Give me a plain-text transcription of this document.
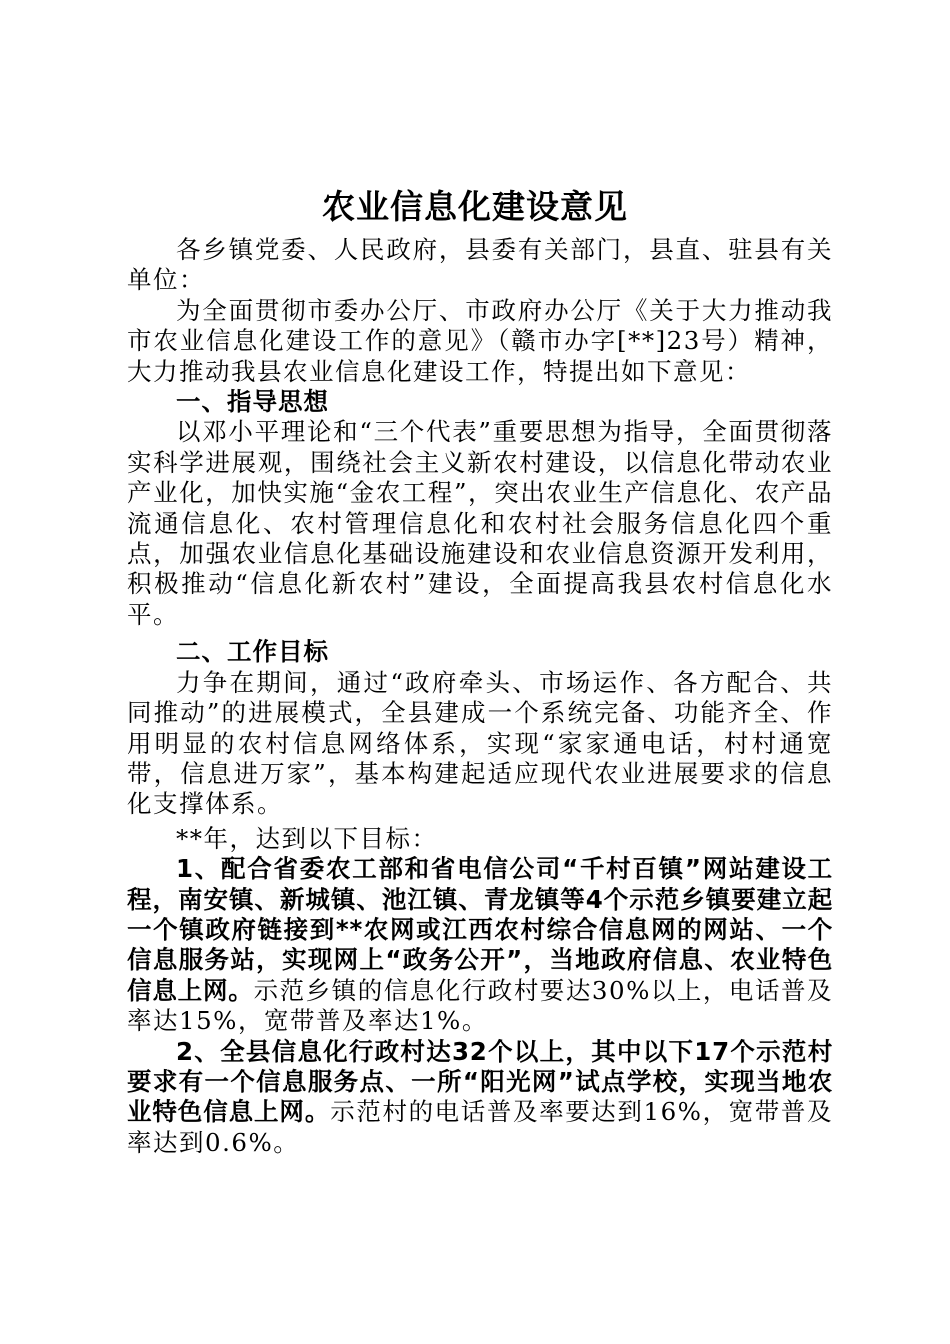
农业信息化建设意见

各乡镇党委、人民政府，县委有关部门，县直、驻县有关单位：

为全面贯彻市委办公厅、市政府办公厅《关于大力推动我市农业信息化建设工作的意见》（赣市办字[**]23号）精神，大力推动我县农业信息化建设工作，特提出如下意见：

一、指导思想

以邓小平理论和“三个代表”重要思想为指导，全面贯彻落实科学进展观，围绕社会主义新农村建设，以信息化带动农业产业化，加快实施“金农工程”，突出农业生产信息化、农产品流通信息化、农村管理信息化和农村社会服务信息化四个重点，加强农业信息化基础设施建设和农业信息资源开发利用，积极推动“信息化新农村”建设，全面提高我县农村信息化水平。

二、工作目标

力争在期间，通过“政府牵头、市场运作、各方配合、共同推动”的进展模式，全县建成一个系统完备、功能齐全、作用明显的农村信息网络体系，实现“家家通电话，村村通宽带，信息进万家”，基本构建起适应现代农业进展要求的信息化支撑体系。

**年，达到以下目标：

1、配合省委农工部和省电信公司“千村百镇”网站建设工程，南安镇、新城镇、池江镇、青龙镇等4个示范乡镇要建立起一个镇政府链接到**农网或江西农村综合信息网的网站、一个信息服务站，实现网上“政务公开”，当地政府信息、农业特色信息上网。示范乡镇的信息化行政村要达30%以上，电话普及率达15%，宽带普及率达1%。

2、全县信息化行政村达32个以上，其中以下17个示范村要求有一个信息服务点、一所“阳光网”试点学校，实现当地农业特色信息上网。示范村的电话普及率要达到16%，宽带普及率达到0.6%。
